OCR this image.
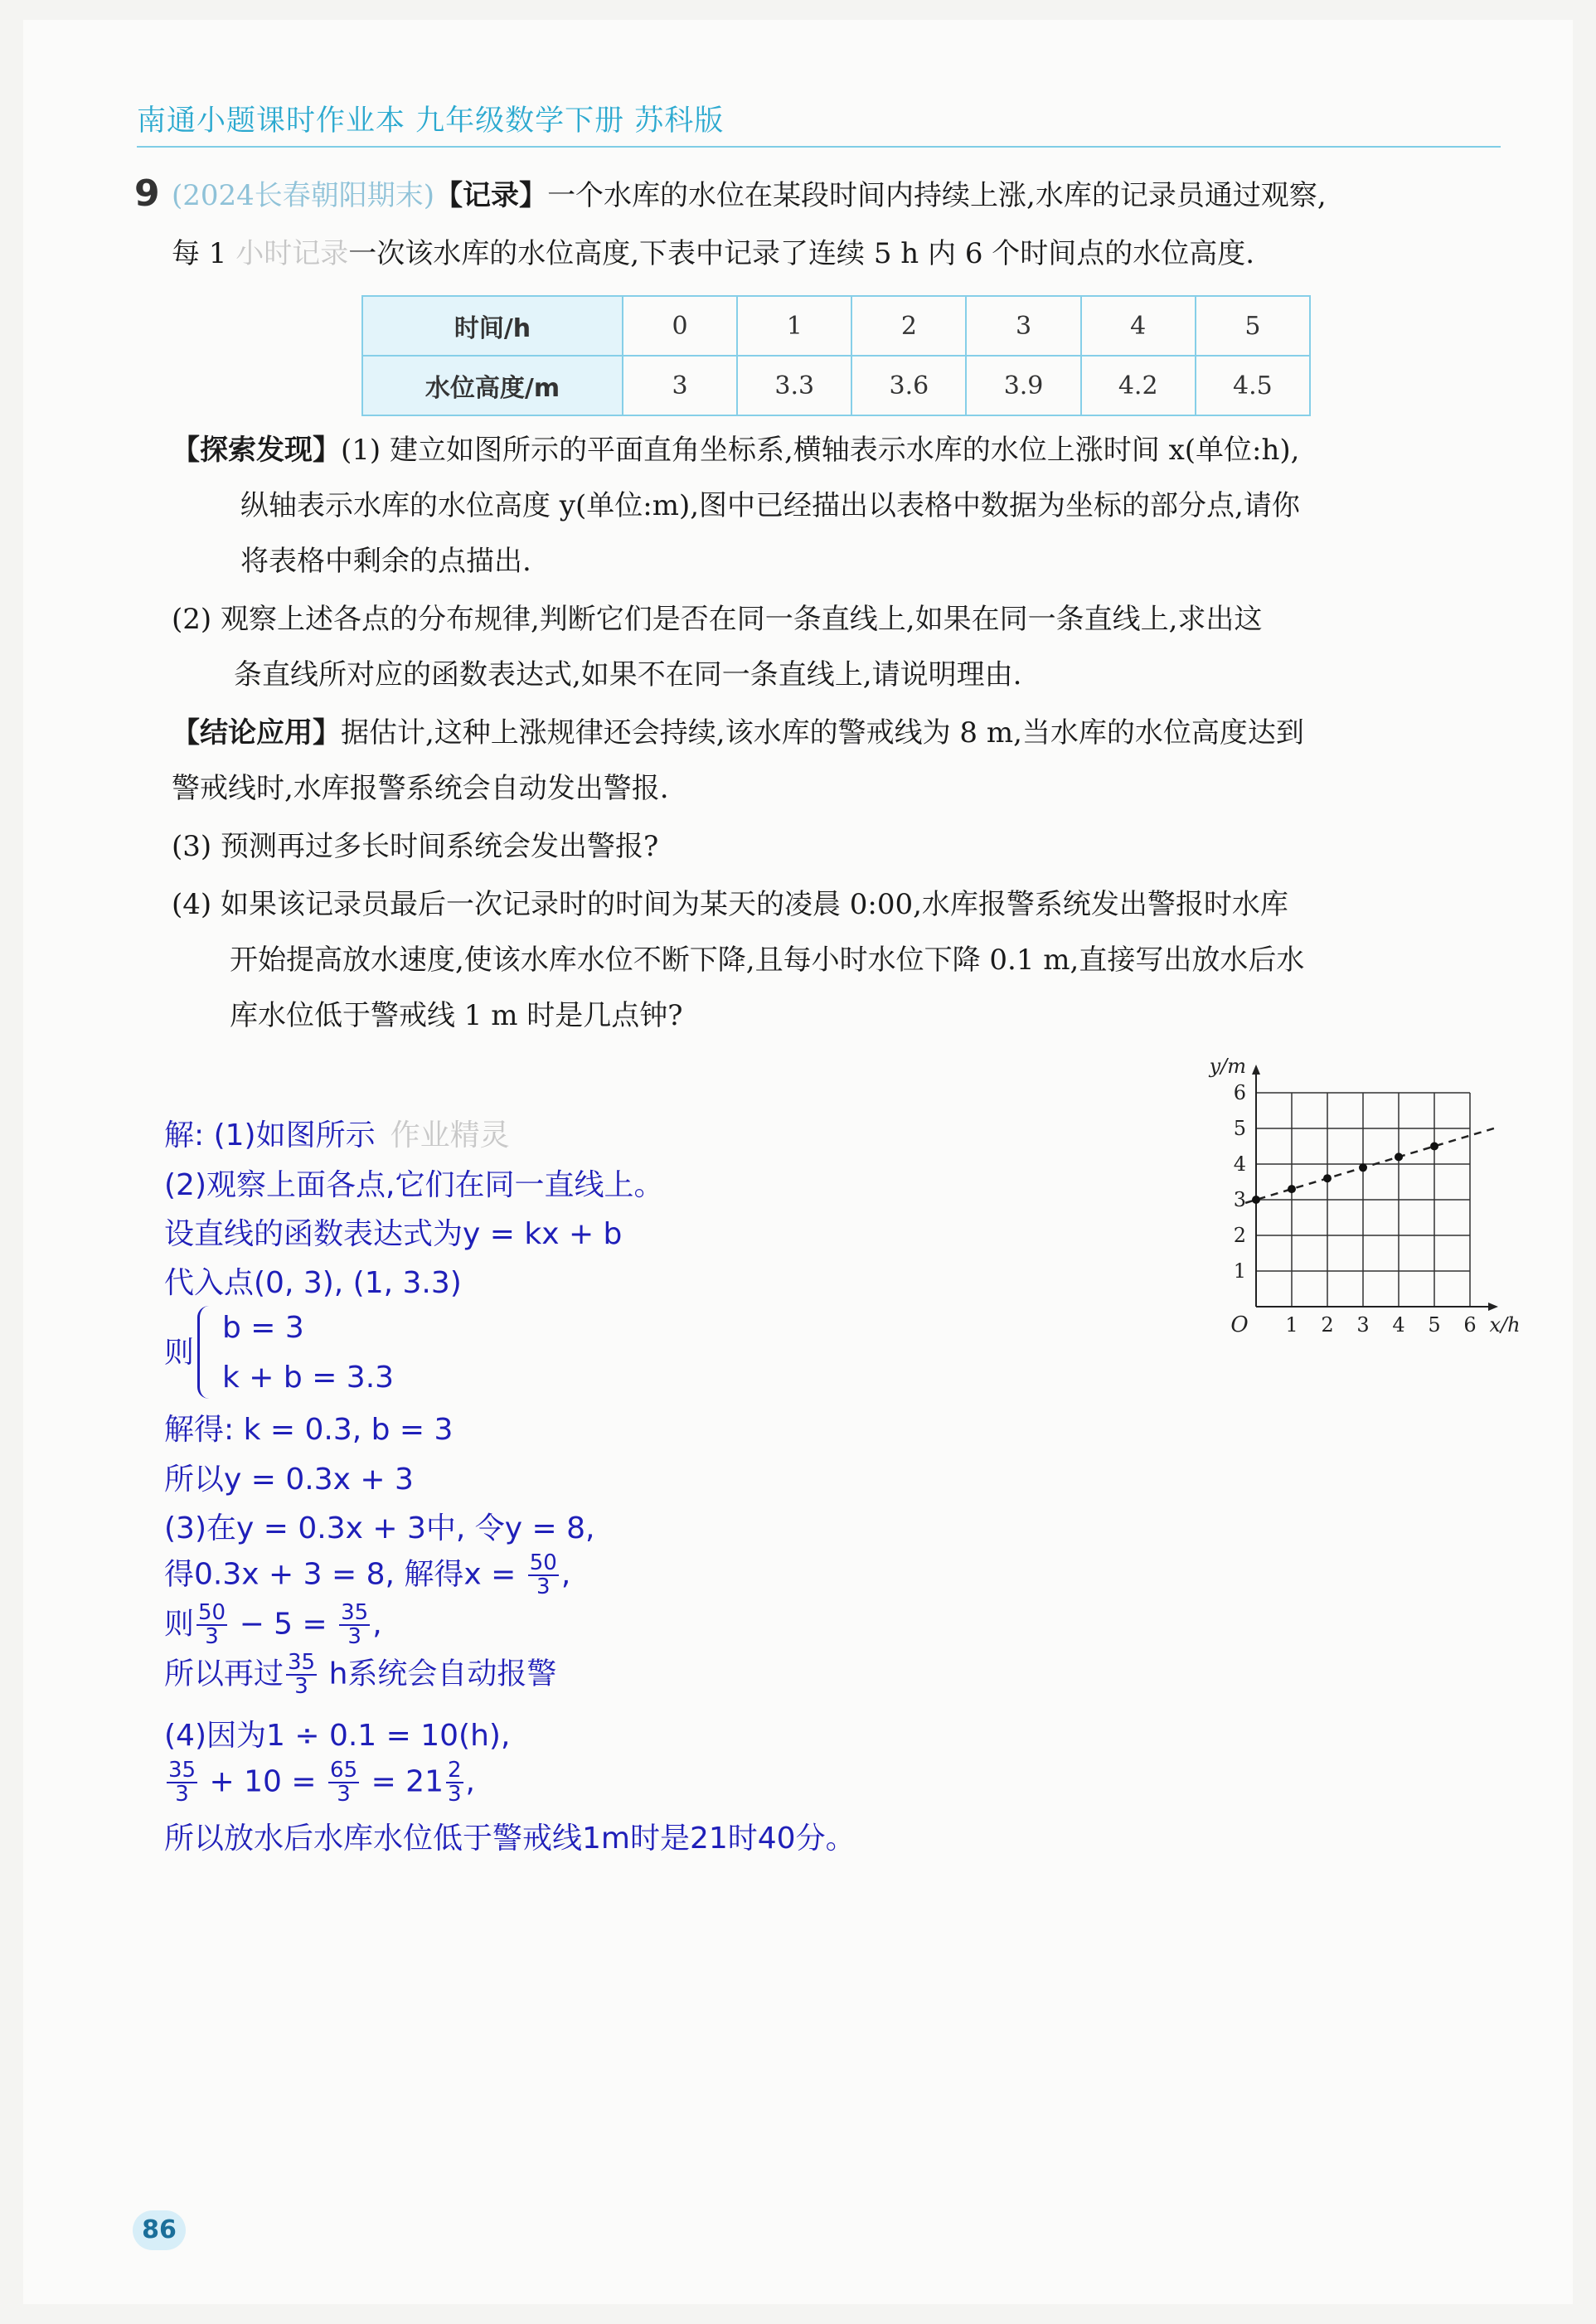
南通小题课时作业本 九年级数学下册 苏科版
9 (2024长春朝阳期末)【记录】一个水库的水位在某段时间内持续上涨,水库的记录员通过观察,
每 1 小时记录一次该水库的水位高度,下表中记录了连续 5 h 内 6 个时间点的水位高度.
时间/h	0	1	2	3	4	5
水位高度/m	3	3.3	3.6	3.9	4.2	4.5
【探索发现】(1) 建立如图所示的平面直角坐标系,横轴表示水库的水位上涨时间 x(单位:h),
纵轴表示水库的水位高度 y(单位:m),图中已经描出以表格中数据为坐标的部分点,请你
将表格中剩余的点描出.
(2) 观察上述各点的分布规律,判断它们是否在同一条直线上,如果在同一条直线上,求出这
条直线所对应的函数表达式,如果不在同一条直线上,请说明理由.
【结论应用】据估计,这种上涨规律还会持续,该水库的警戒线为 8 m,当水库的水位高度达到
警戒线时,水库报警系统会自动发出警报.
(3) 预测再过多长时间系统会发出警报?
(4) 如果该记录员最后一次记录时的时间为某天的凌晨 0:00,水库报警系统发出警报时水库
开始提高放水速度,使该水库水位不断下降,且每小时水位下降 0.1 m,直接写出放水后水
库水位低于警戒线 1 m 时是几点钟?
1 2 3 4 5 6
1
2
3
4
5
6
O	x/h
y/m
解: (1)如图所示 作业精灵
(2)观察上面各点,它们在同一直线上。
设直线的函数表达式为y = kx + b
代入点(0, 3), (1, 3.3)
则
b = 3
k + b = 3.3
解得: k = 0.3, b = 3
所以y = 0.3x + 3
(3)在y = 0.3x + 3中, 令y = 8,
得0.3x + 3 = 8, 解得$x = \frac{50}{3}$ ,
则 $\frac{50}{3} - 5 = \frac{35}{3}$ ,
所以再过 $\frac{35}{3}$ h系统会自动报警
(4)因为1 ÷ 0.1 = 10(h),
$\frac{35}{3} + 10 = \frac{65}{3} = 21 \frac{2}{3}$ ,
所以放水后水库水位低于警戒线1m时是21时40分。
86
